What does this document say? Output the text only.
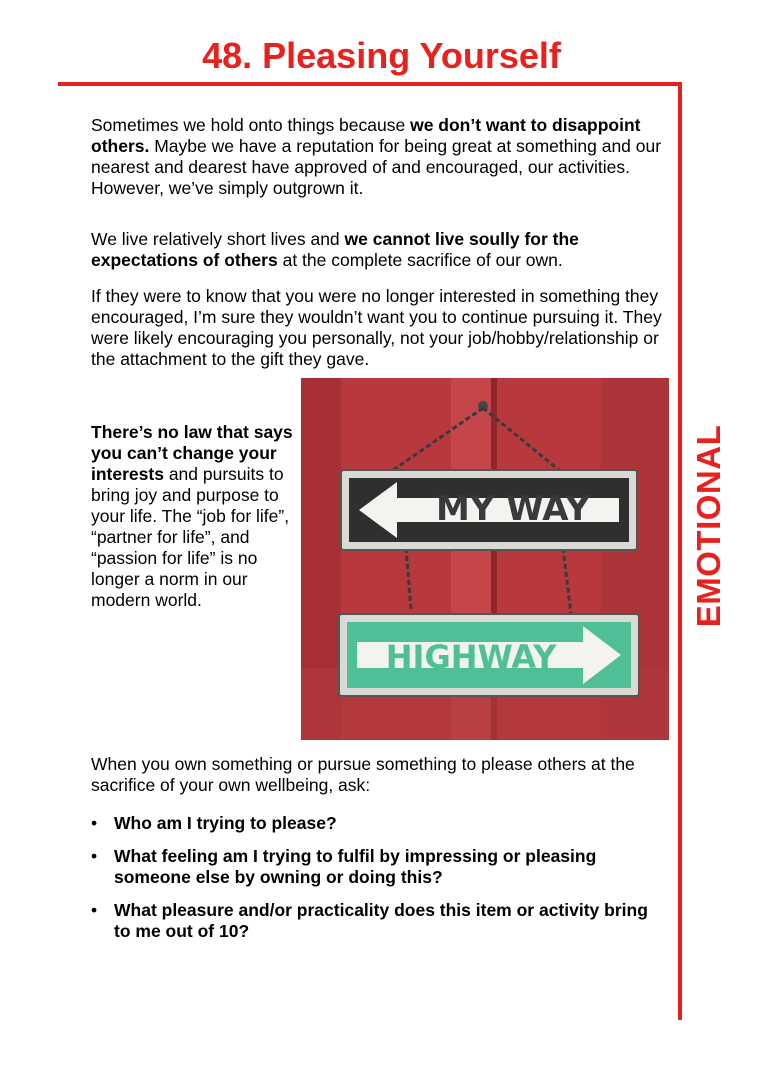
48. Pleasing Yourself
EMOTIONAL

Sometimes we hold onto things because we don’t want to disappoint others. Maybe we have a reputation for being great at something and our nearest and dearest have approved of and encouraged, our activities. However, we’ve simply outgrown it.

We live relatively short lives and we cannot live soully for the expectations of others at the complete sacrifice of our own.

If they were to know that you were no longer interested in something they encouraged, I’m sure they wouldn’t want you to continue pursuing it. They were likely encouraging you personally, not your job/hobby/relationship or the attachment to the gift they gave.

There’s no law that says you can’t change your interests and pursuits to bring joy and purpose to your life. The “job for life”, “partner for life”, and “passion for life” is no longer a norm in our modern world.

MY WAY
HIGHWAY

When you own something or pursue something to please others at the sacrifice of your own wellbeing, ask:

• Who am I trying to please?
• What feeling am I trying to fulfil by impressing or pleasing someone else by owning or doing this?
• What pleasure and/or practicality does this item or activity bring to me out of 10?
